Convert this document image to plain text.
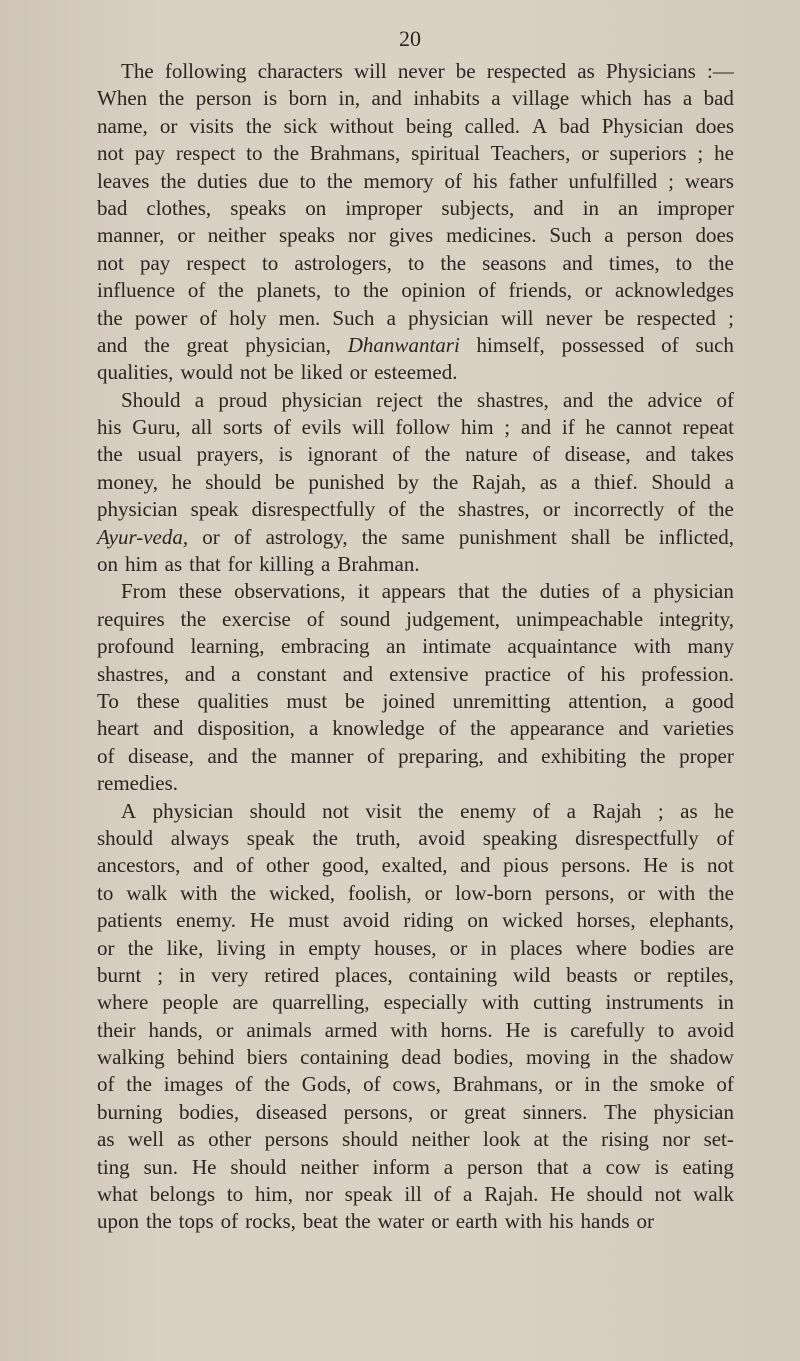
20
The following characters will never be respected as Physicians :—
When the person is born in, and inhabits a village which has a bad
name, or visits the sick without being called. A bad Physician does
not pay respect to the Brahmans, spiritual Teachers, or superiors ; he
leaves the duties due to the memory of his father unfulfilled ; wears
bad clothes, speaks on improper subjects, and in an improper
manner, or neither speaks nor gives medicines. Such a person does
not pay respect to astrologers, to the seasons and times, to the
influence of the planets, to the opinion of friends, or acknowledges
the power of holy men. Such a physician will never be respected ;
and the great physician, Dhanwantari himself, possessed of such
qualities, would not be liked or esteemed.
Should a proud physician reject the shastres, and the advice of
his Guru, all sorts of evils will follow him ; and if he cannot repeat
the usual prayers, is ignorant of the nature of disease, and takes
money, he should be punished by the Rajah, as a thief. Should a
physician speak disrespectfully of the shastres, or incorrectly of the
Ayur-veda, or of astrology, the same punishment shall be inflicted,
on him as that for killing a Brahman.
From these observations, it appears that the duties of a physician
requires the exercise of sound judgement, unimpeachable integrity,
profound learning, embracing an intimate acquaintance with many
shastres, and a constant and extensive practice of his profession.
To these qualities must be joined unremitting attention, a good
heart and disposition, a knowledge of the appearance and varieties
of disease, and the manner of preparing, and exhibiting the proper
remedies.
A physician should not visit the enemy of a Rajah ; as he
should always speak the truth, avoid speaking disrespectfully of
ancestors, and of other good, exalted, and pious persons. He is not
to walk with the wicked, foolish, or low-born persons, or with the
patients enemy. He must avoid riding on wicked horses, elephants,
or the like, living in empty houses, or in places where bodies are
burnt ; in very retired places, containing wild beasts or reptiles,
where people are quarrelling, especially with cutting instruments in
their hands, or animals armed with horns. He is carefully to avoid
walking behind biers containing dead bodies, moving in the shadow
of the images of the Gods, of cows, Brahmans, or in the smoke of
burning bodies, diseased persons, or great sinners. The physician
as well as other persons should neither look at the rising nor set-
ting sun. He should neither inform a person that a cow is eating
what belongs to him, nor speak ill of a Rajah. He should not walk
upon the tops of rocks, beat the water or earth with his hands or
